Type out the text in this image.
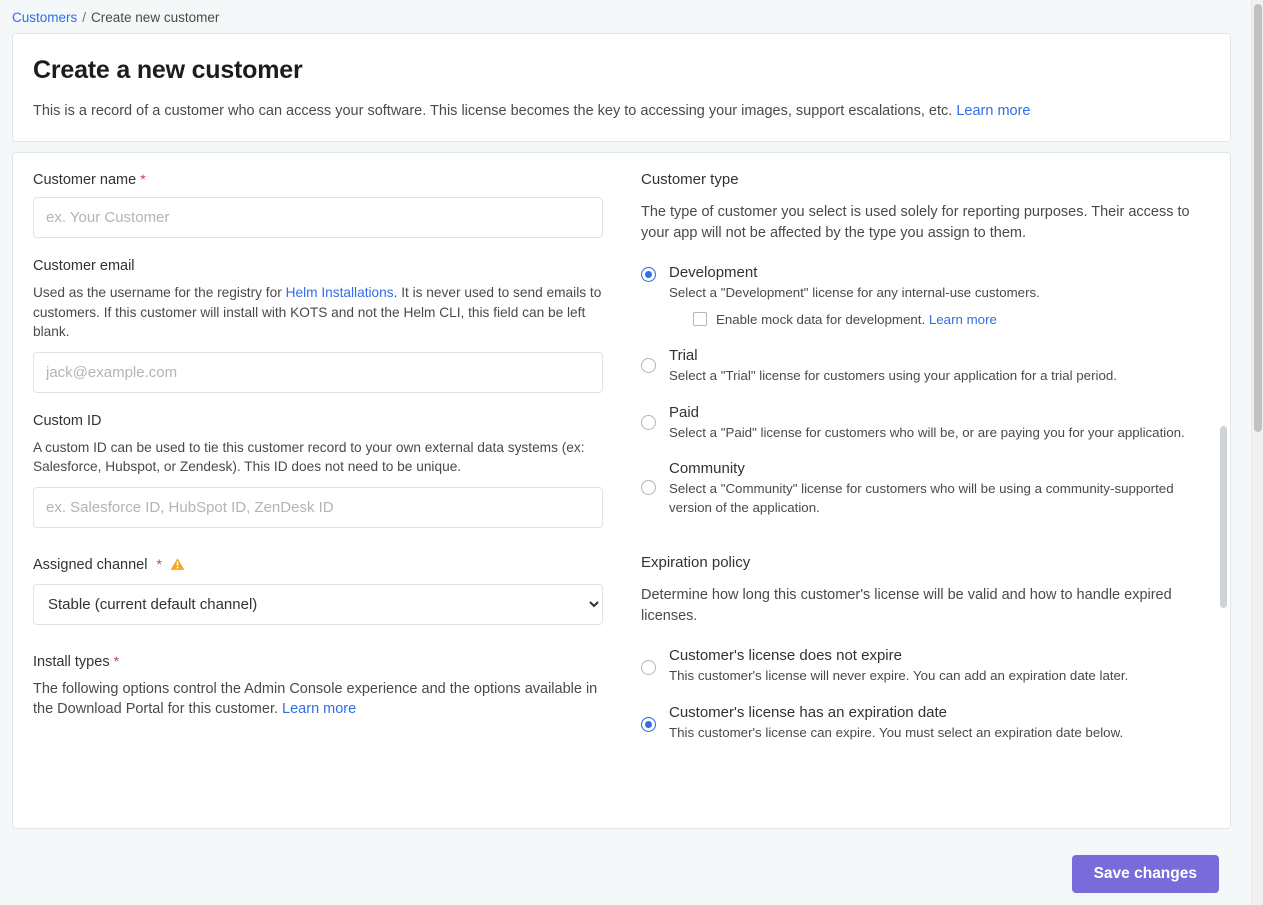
Customers / Create new customer
Create a new customer
This is a record of a customer who can access your software. This license becomes the key to accessing your images, support escalations, etc. Learn more
Customer name *
ex. Your Customer
Customer email

Used as the username for the registry for Helm Installations. It is never used to send emails to customers. If this customer will install with KOTS and not the Helm CLI, this field can be left blank.

jack@example.com
Custom ID

A custom ID can be used to tie this customer record to your own external data systems (ex: Salesforce, Hubspot, or Zendesk). This ID does not need to be unique.

ex. Salesforce ID, HubSpot ID, ZenDesk ID
Assigned channel *
Stable (current default channel)
Install types *

The following options control the Admin Console experience and the options available in the Download Portal for this customer. Learn more

Customer type

The type of customer you select is used solely for reporting purposes. Their access to your app will not be affected by the type you assign to them.

Development
Select a "Development" license for any internal-use customers.
Enable mock data for development. Learn more
Trial
Select a "Trial" license for customers using your application for a trial period.
Paid
Select a "Paid" license for customers who will be, or are paying you for your application.
Community
Select a "Community" license for customers who will be using a community-supported version of the application.
Expiration policy

Determine how long this customer's license will be valid and how to handle expired licenses.

Customer's license does not expire
This customer's license will never expire. You can add an expiration date later.
Customer's license has an expiration date
This customer's license can expire. You must select an expiration date below.
Save changes
